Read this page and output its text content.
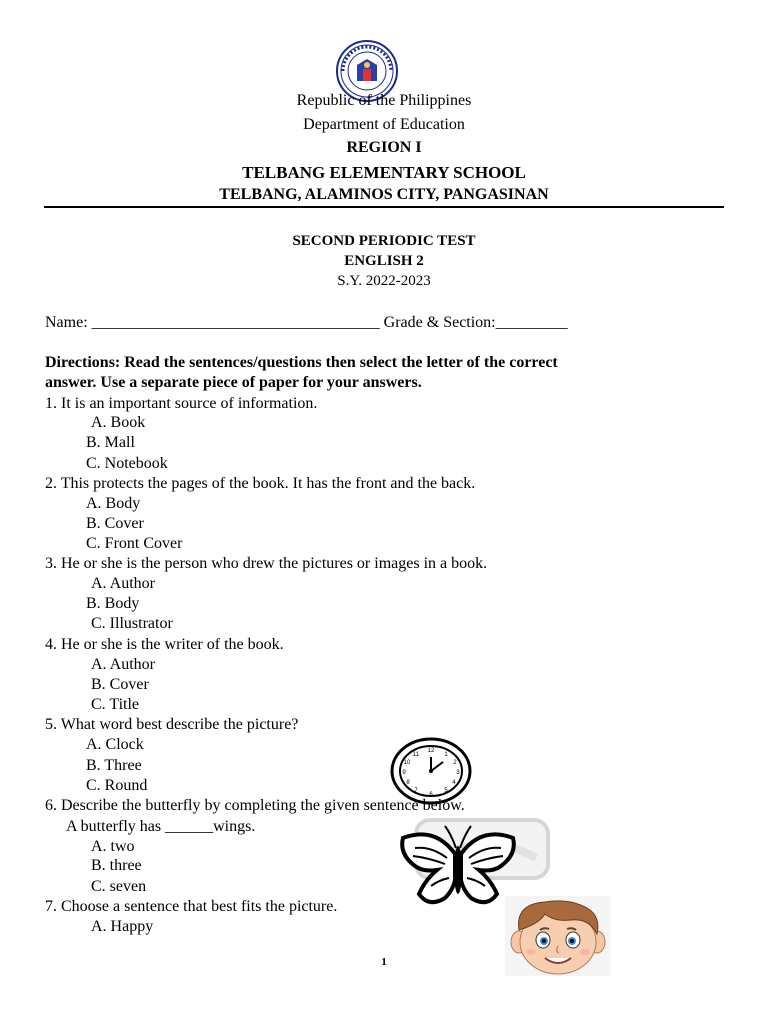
Republic of the Philippines
Department of Education
REGION I
TELBANG ELEMENTARY SCHOOL
TELBANG, ALAMINOS CITY, PANGASINAN
SECOND PERIODIC TEST
ENGLISH 2
S.Y. 2022-2023
Name: ____________________________________ Grade & Section:_________
Directions: Read the sentences/questions then select the letter of the correct
answer. Use a separate piece of paper for your answers.
1. It is an important source of information.
A. Book
B. Mall
C. Notebook
2. This protects the pages of the book. It has the front and the back.
A. Body
B. Cover
C. Front Cover
3. He or she is the person who drew the pictures or images in a book.
A. Author
B. Body
C. Illustrator
4. He or she is the writer of the book.
A. Author
B. Cover
C. Title
5. What word best describe the picture?
A. Clock
B. Three
C. Round
12
1
2
3
4
5
6
7
8
9
10
11
6. Describe the butterfly by completing the given sentence below.
A butterfly has ______wings.
A. two
B. three
C. seven
7. Choose a sentence that best fits the picture.
A. Happy
1
